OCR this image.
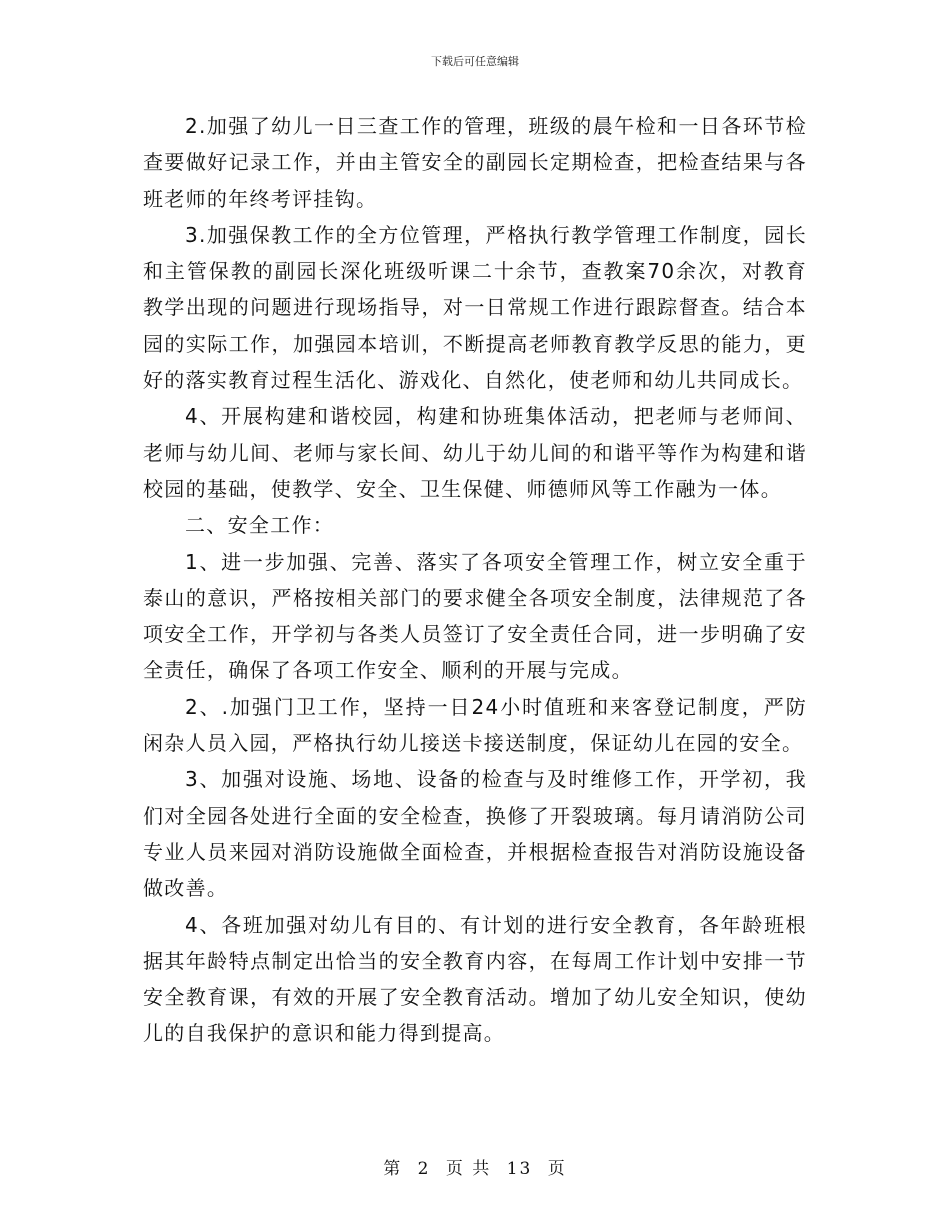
下载后可任意编辑

2.加强了幼儿一日三查工作的管理，班级的晨午检和一日各环节检查要做好记录工作，并由主管安全的副园长定期检查，把检查结果与各班老师的年终考评挂钩。

3.加强保教工作的全方位管理，严格执行教学管理工作制度，园长和主管保教的副园长深化班级听课二十余节，查教案70余次，对教育教学出现的问题进行现场指导，对一日常规工作进行跟踪督查。结合本园的实际工作，加强园本培训，不断提高老师教育教学反思的能力，更好的落实教育过程生活化、游戏化、自然化，使老师和幼儿共同成长。

4、开展构建和谐校园，构建和协班集体活动，把老师与老师间、老师与幼儿间、老师与家长间、幼儿于幼儿间的和谐平等作为构建和谐校园的基础，使教学、安全、卫生保健、师德师风等工作融为一体。

二、安全工作：

1、进一步加强、完善、落实了各项安全管理工作，树立安全重于泰山的意识，严格按相关部门的要求健全各项安全制度，法律规范了各项安全工作，开学初与各类人员签订了安全责任合同，进一步明确了安全责任，确保了各项工作安全、顺利的开展与完成。

2、.加强门卫工作，坚持一日24小时值班和来客登记制度，严防闲杂人员入园，严格执行幼儿接送卡接送制度，保证幼儿在园的安全。

3、加强对设施、场地、设备的检查与及时维修工作，开学初，我们对全园各处进行全面的安全检查，换修了开裂玻璃。每月请消防公司专业人员来园对消防设施做全面检查，并根据检查报告对消防设施设备做改善。

4、各班加强对幼儿有目的、有计划的进行安全教育，各年龄班根据其年龄特点制定出恰当的安全教育内容，在每周工作计划中安排一节安全教育课，有效的开展了安全教育活动。增加了幼儿安全知识，使幼儿的自我保护的意识和能力得到提高。

第 2 页 共 13 页
